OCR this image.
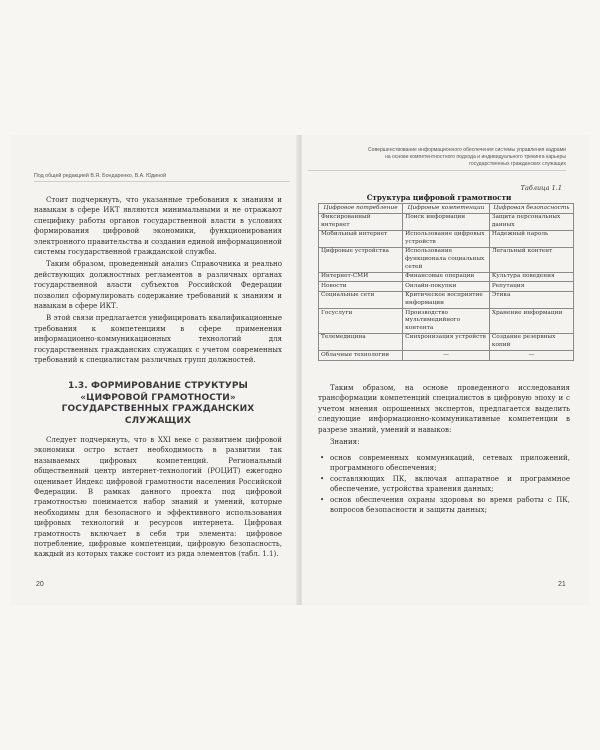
Под общей редакцией В.Я. Бондаренко, В.А. Юдиной

Стоит подчеркнуть, что указанные требования к знаниям и навыкам в сфере ИКТ являются минимальными и не отражают специфику работы органов государственной власти в условиях формирования цифровой экономики, функционирования электронного правительства и создания единой информационной системы государственной гражданской службы.

Таким образом, проведенный анализ Справочника и реально действующих должностных регламентов в различных органах государственной власти субъектов Российской Федерации позволил сформулировать содержание требований к знаниям и навыкам в сфере ИКТ.

В этой связи предлагается унифицировать квалификационные требования к компетенциям в сфере применения информационно-коммуникационных технологий для государственных гражданских служащих с учетом современных требований к специалистам различных групп должностей.

1.3. ФОРМИРОВАНИЕ СТРУКТУРЫ «ЦИФРОВОЙ ГРАМОТНОСТИ» ГОСУДАРСТВЕННЫХ ГРАЖДАНСКИХ СЛУЖАЩИХ

Следует подчеркнуть, что в XXI веке с развитием цифровой экономики остро встает необходимость в развитии так называемых цифровых компетенций. Региональный общественный центр интернет-технологий (РОЦИТ) ежегодно оценивает Индекс цифровой грамотности населения Российской Федерации. В рамках данного проекта под цифровой грамотностью понимается набор знаний и умений, которые необходимы для безопасного и эффективного использования цифровых технологий и ресурсов интернета. Цифровая грамотность включает в себя три элемента: цифровое потребление, цифровые компетенции, цифровую безопасность, каждый из которых также состоит из ряда элементов (табл. 1.1).

20
Совершенствование информационного обеспечения системы управления кадрами
на основе компетентностного подхода и индивидуального трекинга карьеры
государственных гражданских служащих
Таблица 1.1
Структура цифровой грамотности
Цифровое потребление	Цифровые компетенции	Цифровая безопасность
Фиксированный интернет	Поиск информации	Защита персональных данных
Мобильный интернет	Использование цифровых устройств	Надежный пароль
Цифровые устройства	Использование функционала социальных сетей	Легальный контент
Интернет-СМИ	Финансовые операции	Культура поведения
Новости	Онлайн-покупки	Репутация
Социальные сети	Критическое восприятие информации	Этика
Госуслуги	Производство мультимедийного контента	Хранение информации
Телемедицина	Синхронизация устройств	Создание резервных копий
Облачные технологии	—	—

Таким образом, на основе проведенного исследования трансформации компетенций специалистов в цифровую эпоху и с учетом мнения опрошенных экспертов, предлагается выделить следующие информационно-коммуникативные компетенции в разрезе знаний, умений и навыков:

Знания:

• основ современных коммуникаций, сетевых приложений, программного обеспечения;
• составляющих ПК, включая аппаратное и программное обеспечение, устройства хранения данных;
• основ обеспечения охраны здоровья во время работы с ПК, вопросов безопасности и защиты данных;
21
